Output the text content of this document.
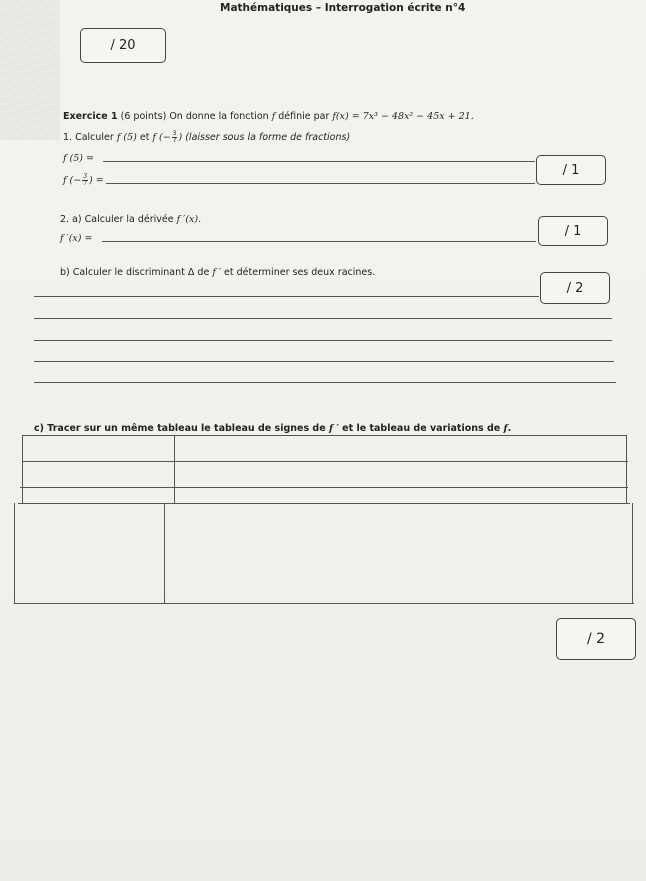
Mathématiques – Interrogation écrite n°4
/ 20
Exercice 1 (6 points) On donne la fonction f définie par f(x) = 7x³ − 48x² − 45x + 21.
1. Calculer f (5) et f (− $\frac{3}{7}$ ) (laisser sous la forme de fractions)
f (5) =
f (− $\frac{3}{7}$ ) =
/ 1
2. a) Calculer la dérivée f ′(x).
f ′(x) =	/ 1
b) Calculer le discriminant Δ de f ′ et déterminer ses deux racines.
/ 2
c) Tracer sur un même tableau le tableau de signes de f ′ et le tableau de variations de f.
/ 2
